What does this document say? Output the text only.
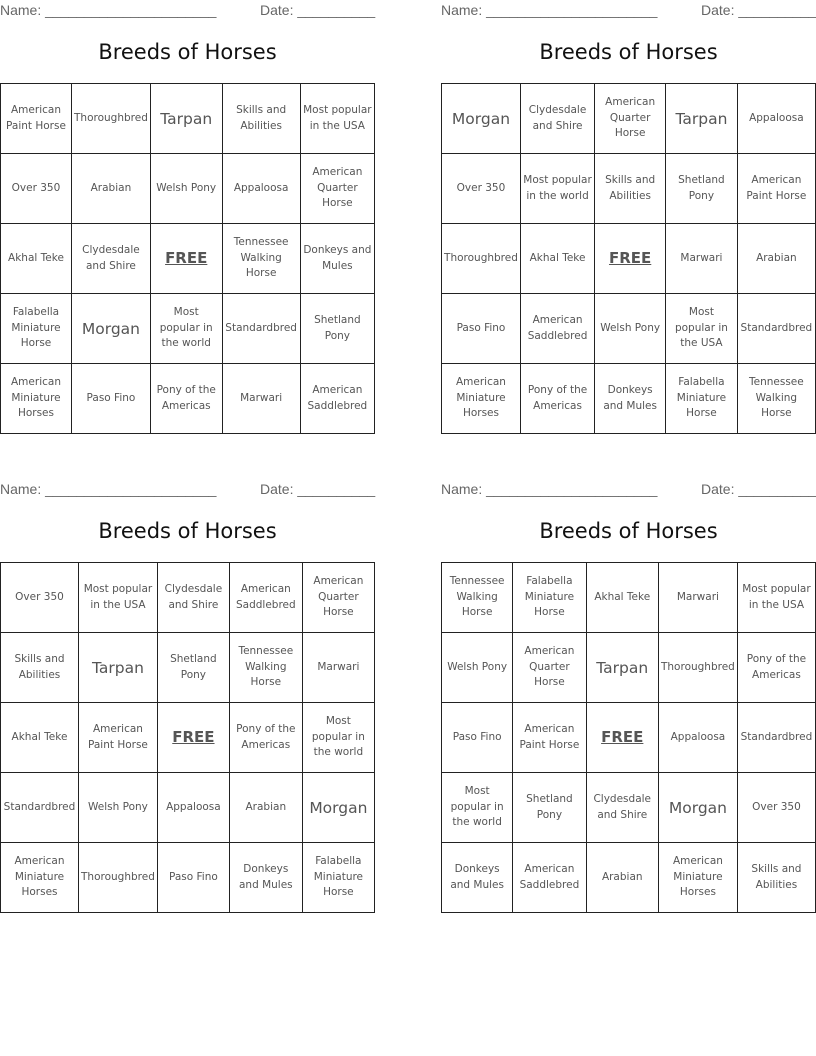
Name: ______________________	Date: __________
Breeds of Horses
American Paint Horse	Thoroughbred	Tarpan	Skills and Abilities	Most popular in the USA
Over 350	Arabian	Welsh Pony	Appaloosa	American Quarter Horse
Akhal Teke	Clydesdale and Shire	FREE	Tennessee Walking Horse	Donkeys and Mules
Falabella Miniature Horse	Morgan	Most popular in the world	Standardbred	Shetland Pony
American Miniature Horses	Paso Fino	Pony of the Americas	Marwari	American Saddlebred
Name: ______________________	Date: __________
Breeds of Horses
Morgan	Clydesdale and Shire	American Quarter Horse	Tarpan	Appaloosa
Over 350	Most popular in the world	Skills and Abilities	Shetland Pony	American Paint Horse
Thoroughbred	Akhal Teke	FREE	Marwari	Arabian
Paso Fino	American Saddlebred	Welsh Pony	Most popular in the USA	Standardbred
American Miniature Horses	Pony of the Americas	Donkeys and Mules	Falabella Miniature Horse	Tennessee Walking Horse
Name: ______________________	Date: __________
Breeds of Horses
Over 350	Most popular in the USA	Clydesdale and Shire	American Saddlebred	American Quarter Horse
Skills and Abilities	Tarpan	Shetland Pony	Tennessee Walking Horse	Marwari
Akhal Teke	American Paint Horse	FREE	Pony of the Americas	Most popular in the world
Standardbred	Welsh Pony	Appaloosa	Arabian	Morgan
American Miniature Horses	Thoroughbred	Paso Fino	Donkeys and Mules	Falabella Miniature Horse
Name: ______________________	Date: __________
Breeds of Horses
Tennessee Walking Horse	Falabella Miniature Horse	Akhal Teke	Marwari	Most popular in the USA
Welsh Pony	American Quarter Horse	Tarpan	Thoroughbred	Pony of the Americas
Paso Fino	American Paint Horse	FREE	Appaloosa	Standardbred
Most popular in the world	Shetland Pony	Clydesdale and Shire	Morgan	Over 350
Donkeys and Mules	American Saddlebred	Arabian	American Miniature Horses	Skills and Abilities
